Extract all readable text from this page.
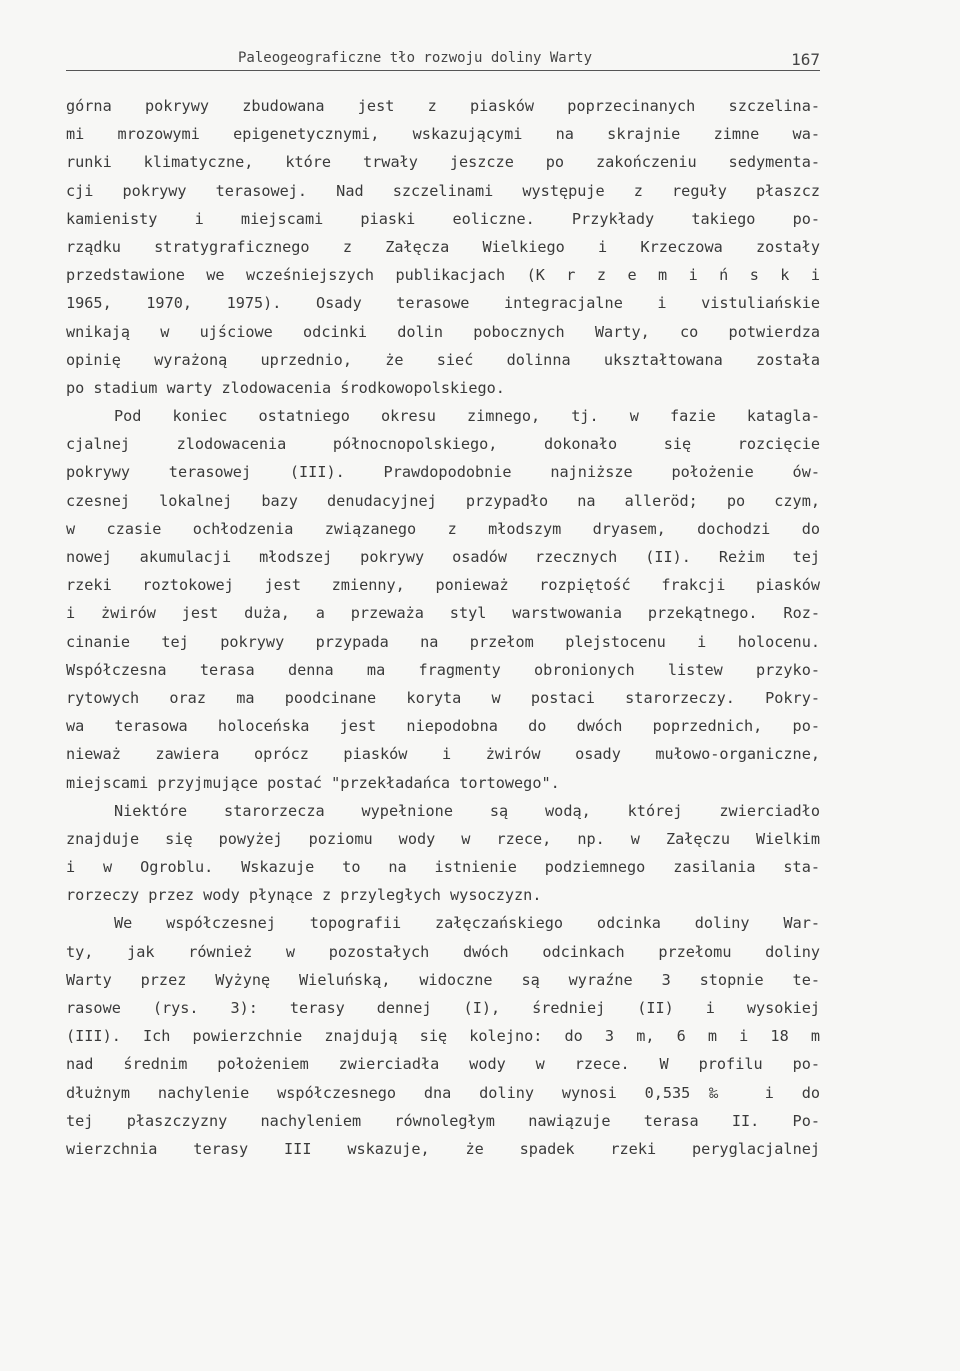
Paleogeograficzne tło rozwoju doliny Warty	167
górna pokrywy zbudowana jest z piasków poprzecinanych szczelina-
mi mrozowymi epigenetycznymi, wskazującymi na skrajnie zimne wa-
runki klimatyczne, które trwały jeszcze po zakończeniu sedymenta-
cji pokrywy terasowej. Nad szczelinami występuje z reguły płaszcz
kamienisty i miejscami piaski eoliczne. Przykłady takiego po-
rządku stratygraficznego z Załęcza Wielkiego i Krzeczowa zostały
przedstawione we wcześniejszych publikacjach (K r z e m i ń s k i
1965, 1970, 1975). Osady terasowe integracjalne i vistuliańskie
wnikają w ujściowe odcinki dolin pobocznych Warty, co potwierdza
opinię wyrażoną uprzednio, że sieć dolinna ukształtowana została
po stadium warty zlodowacenia środkowopolskiego.
Pod koniec ostatniego okresu zimnego, tj. w fazie katagla-
cjalnej zlodowacenia północnopolskiego, dokonało się rozcięcie
pokrywy terasowej (III). Prawdopodobnie najniższe położenie ów-
czesnej lokalnej bazy denudacyjnej przypadło na alleröd; po czym,
w czasie ochłodzenia związanego z młodszym dryasem, dochodzi do
nowej akumulacji młodszej pokrywy osadów rzecznych (II). Reżim tej
rzeki roztokowej jest zmienny, ponieważ rozpiętość frakcji piasków
i żwirów jest duża, a przeważa styl warstwowania przekątnego. Roz-
cinanie tej pokrywy przypada na przełom plejstocenu i holocenu.
Współczesna terasa denna ma fragmenty obronionych listew przyko-
rytowych oraz ma poodcinane koryta w postaci starorzeczy. Pokry-
wa terasowa holoceńska jest niepodobna do dwóch poprzednich, po-
nieważ zawiera oprócz piasków i żwirów osady mułowo-organiczne,
miejscami przyjmujące postać "przekładańca tortowego".
Niektóre starorzecza wypełnione są wodą, której zwierciadło
znajduje się powyżej poziomu wody w rzece, np. w Załęczu Wielkim
i w Ogroblu. Wskazuje to na istnienie podziemnego zasilania sta-
rorzeczy przez wody płynące z przyległych wysoczyzn.
We współczesnej topografii załęczańskiego odcinka doliny War-
ty, jak również w pozostałych dwóch odcinkach przełomu doliny
Warty przez Wyżynę Wieluńską, widoczne są wyraźne 3 stopnie te-
rasowe (rys. 3): terasy dennej (I), średniej (II) i wysokiej
(III). Ich powierzchnie znajdują się kolejno: do 3 m, 6 m i 18 m
nad średnim położeniem zwierciadła wody w rzece. W profilu po-
dłużnym nachylenie współczesnego dna doliny wynosi 0,535‰ i do
tej płaszczyzny nachyleniem równoległym nawiązuje terasa II. Po-
wierzchnia terasy III wskazuje, że spadek rzeki peryglacjalnej
